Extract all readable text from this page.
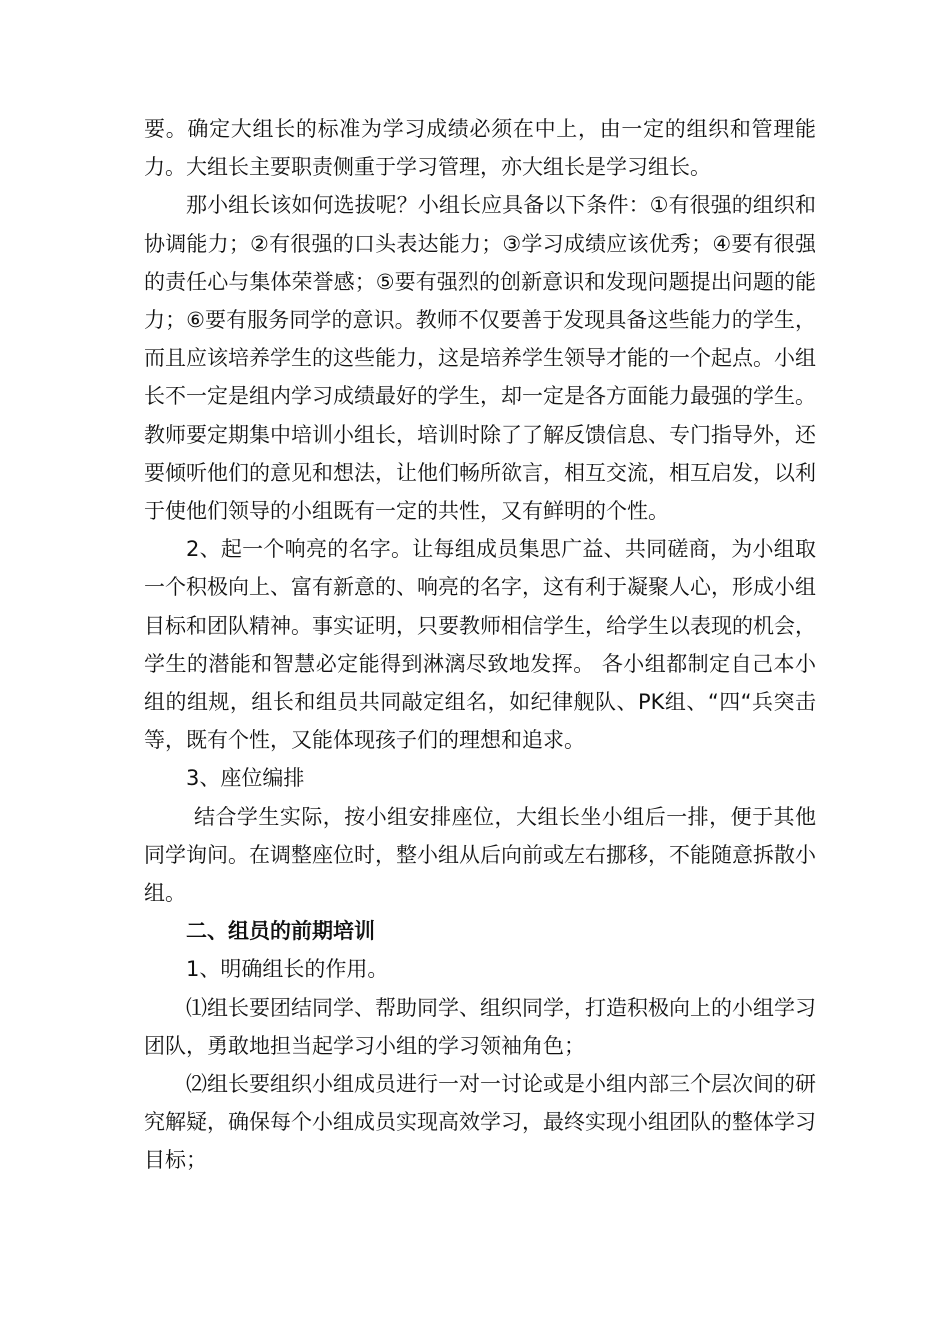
要。确定大组长的标准为学习成绩必须在中上，由一定的组织和管理能力。大组长主要职责侧重于学习管理，亦大组长是学习组长。

那小组长该如何选拔呢？小组长应具备以下条件：①有很强的组织和协调能力；②有很强的口头表达能力；③学习成绩应该优秀；④要有很强的责任心与集体荣誉感；⑤要有强烈的创新意识和发现问题提出问题的能力；⑥要有服务同学的意识。教师不仅要善于发现具备这些能力的学生，而且应该培养学生的这些能力，这是培养学生领导才能的一个起点。小组长不一定是组内学习成绩最好的学生，却一定是各方面能力最强的学生。教师要定期集中培训小组长，培训时除了了解反馈信息、专门指导外，还要倾听他们的意见和想法，让他们畅所欲言，相互交流，相互启发，以利于使他们领导的小组既有一定的共性，又有鲜明的个性。

2、起一个响亮的名字。让每组成员集思广益、共同磋商，为小组取一个积极向上、富有新意的、响亮的名字，这有利于凝聚人心，形成小组目标和团队精神。事实证明，只要教师相信学生，给学生以表现的机会，学生的潜能和智慧必定能得到淋漓尽致地发挥。 各小组都制定自己本小组的组规，组长和组员共同敲定组名，如纪律舰队、PK组、“四“兵突击等，既有个性，又能体现孩子们的理想和追求。

3、座位编排

结合学生实际，按小组安排座位，大组长坐小组后一排，便于其他同学询问。在调整座位时，整小组从后向前或左右挪移，不能随意拆散小组。

二、组员的前期培训

1、明确组长的作用。

⑴组长要团结同学、帮助同学、组织同学，打造积极向上的小组学习团队，勇敢地担当起学习小组的学习领袖角色；

⑵组长要组织小组成员进行一对一讨论或是小组内部三个层次间的研究解疑，确保每个小组成员实现高效学习，最终实现小组团队的整体学习目标；
